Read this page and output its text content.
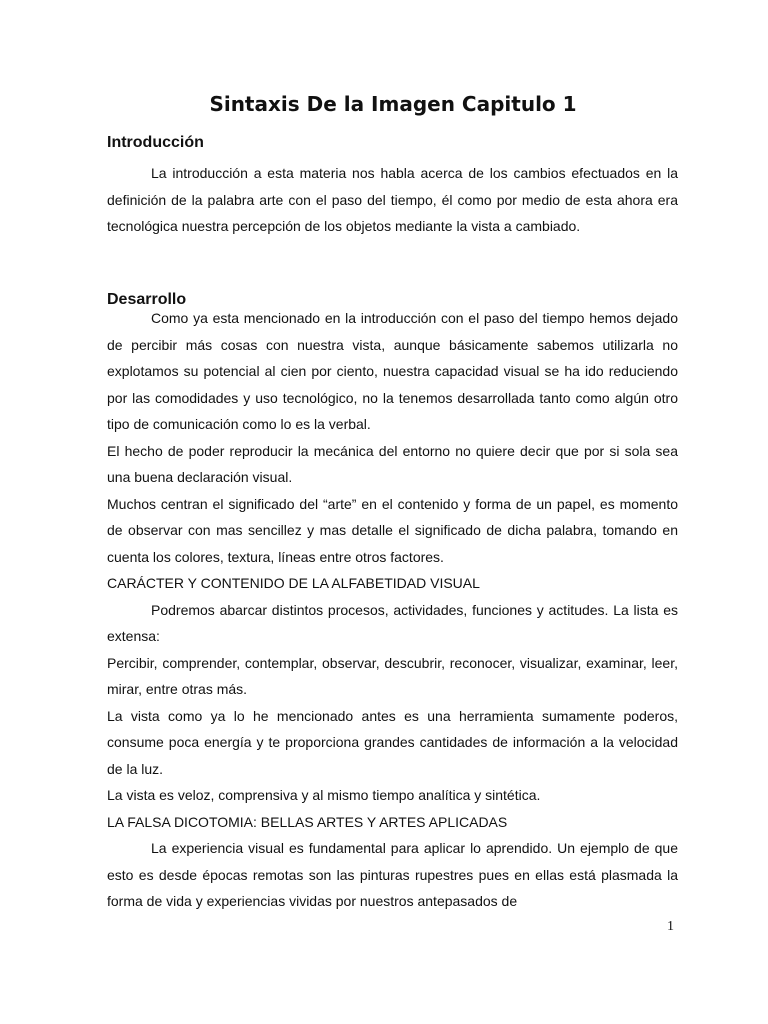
Sintaxis De la Imagen Capitulo 1
Introducción

La introducción a esta materia nos habla acerca de los cambios efectuados en la definición de la palabra arte con el paso del tiempo, él como por medio de esta ahora era tecnológica nuestra percepción de los objetos mediante la vista a cambiado.

Desarrollo

Como ya esta mencionado en la introducción con el paso del tiempo hemos dejado de percibir más cosas con nuestra vista, aunque básicamente sabemos utilizarla no explotamos su potencial al cien por ciento, nuestra capacidad visual se ha ido reduciendo por las comodidades y uso tecnológico, no la tenemos desarrollada tanto como algún otro tipo de comunicación como lo es la verbal.

El hecho de poder reproducir la mecánica del entorno no quiere decir que por si sola sea una buena declaración visual.

Muchos centran el significado del “arte” en el contenido y forma de un papel, es momento de observar con mas sencillez y mas detalle el significado de dicha palabra, tomando en cuenta los colores, textura, líneas entre otros factores.

CARÁCTER Y CONTENIDO DE LA ALFABETIDAD VISUAL

Podremos abarcar distintos procesos, actividades, funciones y actitudes. La lista es extensa:

Percibir, comprender, contemplar, observar, descubrir, reconocer, visualizar, examinar, leer, mirar, entre otras más.

La vista como ya lo he mencionado antes es una herramienta sumamente poderos, consume poca energía y te proporciona grandes cantidades de información a la velocidad de la luz.

La vista es veloz, comprensiva y al mismo tiempo analítica y sintética.

LA FALSA DICOTOMIA: BELLAS ARTES Y ARTES APLICADAS

La experiencia visual es fundamental para aplicar lo aprendido. Un ejemplo de que esto es desde épocas remotas son las pinturas rupestres pues en ellas está plasmada la forma de vida y experiencias vividas por nuestros antepasados de

1
